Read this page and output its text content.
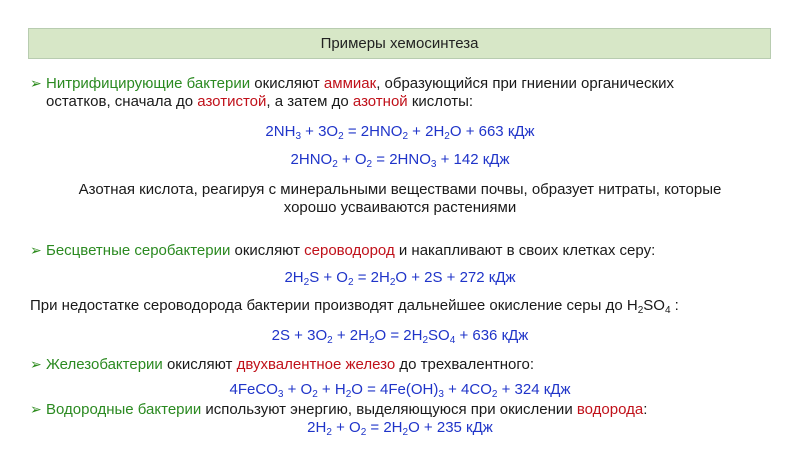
Примеры хемосинтеза
➢ Нитрифицирующие бактерии окисляют аммиак, образующийся при гниении органических
остатков, сначала до азотистой, а затем до азотной кислоты:
$2NH_3 + 3O_2 = 2HNO_2 + 2H_2O + 663$ кДж
$2HNO_2 + O_2 = 2HNO_3 + 142$ кДж
Азотная кислота, реагируя с минеральными веществами почвы, образует нитраты, которые
хорошо усваиваются растениями
➢ Бесцветные серобактерии окисляют сероводород и накапливают в своих клетках серу:
$2H_2S + O_2 = 2H_2O + 2S + 272$ кДж
При недостатке сероводорода бактерии производят дальнейшее окисление серы до $H_2SO_4$ :
$2S + 3O_2 + 2H_2O = 2H_2SO_4 + 636$ кДж
➢ Железобактерии окисляют двухвалентное железо до трехвалентного:
4FeCO$_3$ + $O_2 + H_2O = 4Fe(OH)_3 + 4CO_2 + 324$ кДж
➢ Водородные бактерии используют энергию, выделяющуюся при окислении водорода:
$2H_2 + O_2 = 2H_2O + 235$ кДж
